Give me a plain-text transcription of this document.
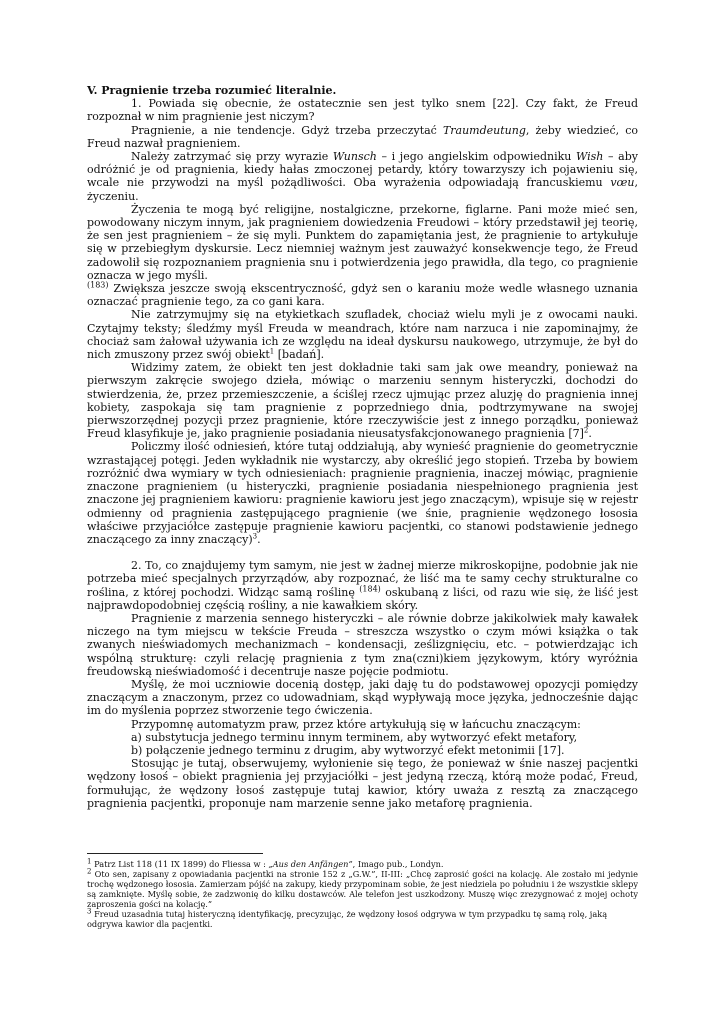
V. Pragnienie trzeba rozumieć literalnie.

1. Powiada się obecnie, że ostatecznie sen jest tylko snem [22]. Czy fakt, że Freud rozpoznał w nim pragnienie jest niczym?

Pragnienie, a nie tendencje. Gdyż trzeba przeczytać Traumdeutung, żeby wiedzieć, co Freud nazwał pragnieniem.

Należy zatrzymać się przy wyrazie Wunsch – i jego angielskim odpowiedniku Wish – aby odróżnić je od pragnienia, kiedy hałas zmoczonej petardy, który towarzyszy ich pojawieniu się, wcale nie przywodzi na myśl pożądliwości. Oba wyrażenia odpowiadają francuskiemu vœu, życzeniu.

Życzenia te mogą być religijne, nostalgiczne, przekorne, figlarne. Pani może mieć sen, powodowany niczym innym, jak pragnieniem dowiedzenia Freudowi – który przedstawił jej teorię, że sen jest pragnieniem – że się myli. Punktem do zapamiętania jest, że pragnienie to artykułuje się w przebiegłym dyskursie. Lecz niemniej ważnym jest zauważyć konsekwencje tego, że Freud zadowolił się rozpoznaniem pragnienia snu i potwierdzenia jego prawidła, dla tego, co pragnienie oznacza w jego myśli.

$^{(183)}$ Zwiększa jeszcze swoją ekscentryczność, gdyż sen o karaniu może wedle własnego uznania oznaczać pragnienie tego, za co gani kara.

Nie zatrzymujmy się na etykietkach szufladek, chociaż wielu myli je z owocami nauki. Czytajmy teksty; śledźmy myśl Freuda w meandrach, które nam narzuca i nie zapominajmy, że chociaż sam żałował używania ich ze względu na ideał dyskursu naukowego, utrzymuje, że był do nich zmuszony przez swój obiekt$^1$ [badań].

Widzimy zatem, że obiekt ten jest dokładnie taki sam jak owe meandry, ponieważ na pierwszym zakręcie swojego dzieła, mówiąc o marzeniu sennym histeryczki, dochodzi do stwierdzenia, że, przez przemieszczenie, a ściślej rzecz ujmując przez aluzję do pragnienia innej kobiety, zaspokaja się tam pragnienie z poprzedniego dnia, podtrzymywane na swojej pierwszorzędnej pozycji przez pragnienie, które rzeczywiście jest z innego porządku, ponieważ Freud klasyfikuje je, jako pragnienie posiadania nieusatysfakcjonowanego pragnienia $[7]^2$.

Policzmy ilość odniesień, które tutaj oddziałują, aby wynieść pragnienie do geometrycznie wzrastającej potęgi. Jeden wykładnik nie wystarczy, aby określić jego stopień. Trzeba by bowiem rozróżnić dwa wymiary w tych odniesieniach: pragnienie pragnienia, inaczej mówiąc, pragnienie znaczone pragnieniem (u histeryczki, pragnienie posiadania niespełnionego pragnienia jest znaczone jej pragnieniem kawioru: pragnienie kawioru jest jego znaczącym), wpisuje się w rejestr odmienny od pragnienia zastępującego pragnienie (we śnie, pragnienie wędzonego łososia właściwe przyjaciółce zastępuje pragnienie kawioru pacjentki, co stanowi podstawienie jednego znaczącego za inny znaczący)$^3$.

2. To, co znajdujemy tym samym, nie jest w żadnej mierze mikroskopijne, podobnie jak nie potrzeba mieć specjalnych przyrządów, aby rozpoznać, że liść ma te samy cechy strukturalne co roślina, z której pochodzi. Widząc samą roślinę $^{(184)}$ oskubaną z liści, od razu wie się, że liść jest najprawdopodobniej częścią rośliny, a nie kawałkiem skóry.

Pragnienie z marzenia sennego histeryczki – ale równie dobrze jakikolwiek mały kawałek niczego na tym miejscu w tekście Freuda – streszcza wszystko o czym mówi książka o tak zwanych nieświadomych mechanizmach – kondensacji, ześlizgnięciu, etc. – potwierdzając ich wspólną strukturę: czyli relację pragnienia z tym zna(czni)kiem językowym, który wyróżnia freudowską nieświadomość i decentruje nasze pojęcie podmiotu.

Myślę, że moi uczniowie docenią dostęp, jaki daję tu do podstawowej opozycji pomiędzy znaczącym a znaczonym, przez co udowadniam, skąd wypływają moce języka, jednocześnie dając im do myślenia poprzez stworzenie tego ćwiczenia.

Przypomnę automatyzm praw, przez które artykułują się w łańcuchu znaczącym:

a) substytucja jednego terminu innym terminem, aby wytworzyć efekt metafory,

b) połączenie jednego terminu z drugim, aby wytworzyć efekt metonimii [17].

Stosując je tutaj, obserwujemy, wyłonienie się tego, że ponieważ w śnie naszej pacjentki wędzony łosoś – obiekt pragnienia jej przyjaciółki – jest jedyną rzeczą, którą może podać, Freud, formułując, że wędzony łosoś zastępuje tutaj kawior, który uważa z resztą za znaczącego pragnienia pacjentki, proponuje nam marzenie senne jako metaforę pragnienia.

$^1$ Patrz List 118 (11 IX 1899) do Fliessa w : „Aus den Anfängen”, Imago pub., Londyn.

$^2$ Oto sen, zapisany z opowiadania pacjentki na stronie 152 z „G.W.”, II-III: „Chcę zaprosić gości na kolację. Ale zostało mi jedynie trochę wędzonego łososia. Zamierzam pójść na zakupy, kiedy przypominam sobie, że jest niedziela po południu i że wszystkie sklepy są zamknięte. Myślę sobie, że zadzwonię do kilku dostawców. Ale telefon jest uszkodzony. Muszę więc zrezygnować z mojej ochoty zaproszenia gości na kolację.”

$^3$ Freud uzasadnia tutaj histeryczną identyfikację, precyzując, że wędzony łosoś odgrywa w tym przypadku tę samą rolę, jaką odgrywa kawior dla pacjentki.
